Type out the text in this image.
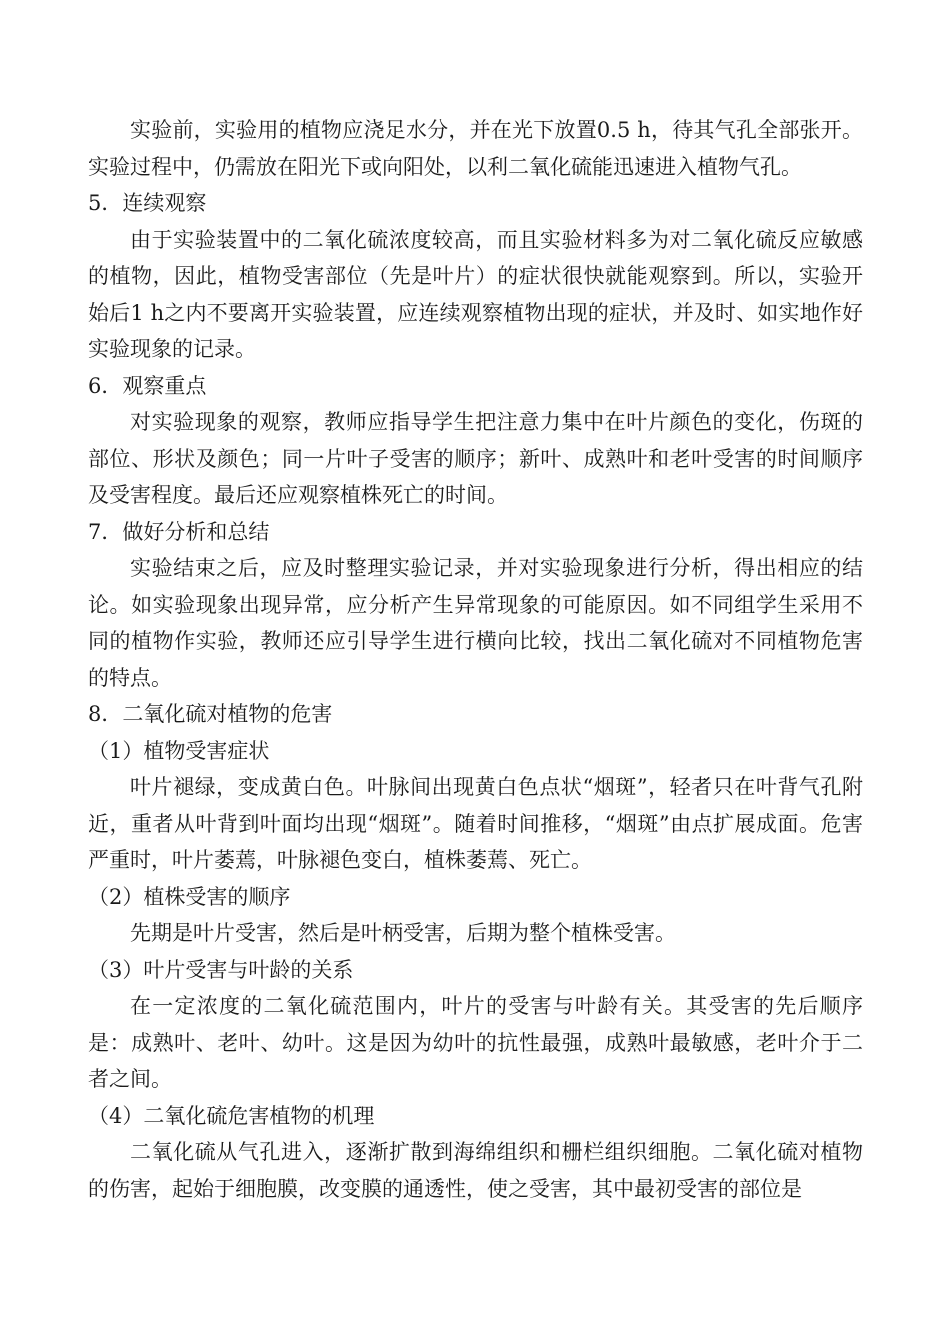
实验前，实验用的植物应浇足水分，并在光下放置0.5 h，待其气孔全部张开。实验过程中，仍需放在阳光下或向阳处，以利二氧化硫能迅速进入植物气孔。

5．连续观察

由于实验装置中的二氧化硫浓度较高，而且实验材料多为对二氧化硫反应敏感的植物，因此，植物受害部位（先是叶片）的症状很快就能观察到。所以，实验开始后1 h之内不要离开实验装置，应连续观察植物出现的症状，并及时、如实地作好实验现象的记录。

6．观察重点

对实验现象的观察，教师应指导学生把注意力集中在叶片颜色的变化，伤斑的部位、形状及颜色；同一片叶子受害的顺序；新叶、成熟叶和老叶受害的时间顺序及受害程度。最后还应观察植株死亡的时间。

7．做好分析和总结

实验结束之后，应及时整理实验记录，并对实验现象进行分析，得出相应的结论。如实验现象出现异常，应分析产生异常现象的可能原因。如不同组学生采用不同的植物作实验，教师还应引导学生进行横向比较，找出二氧化硫对不同植物危害的特点。

8．二氧化硫对植物的危害

（1）植物受害症状

叶片褪绿，变成黄白色。叶脉间出现黄白色点状“烟斑”，轻者只在叶背气孔附近，重者从叶背到叶面均出现“烟斑”。随着时间推移，“烟斑”由点扩展成面。危害严重时，叶片萎蔫，叶脉褪色变白，植株萎蔫、死亡。

（2）植株受害的顺序

先期是叶片受害，然后是叶柄受害，后期为整个植株受害。

（3）叶片受害与叶龄的关系

在一定浓度的二氧化硫范围内，叶片的受害与叶龄有关。其受害的先后顺序是：成熟叶、老叶、幼叶。这是因为幼叶的抗性最强，成熟叶最敏感，老叶介于二者之间。

（4）二氧化硫危害植物的机理

二氧化硫从气孔进入，逐渐扩散到海绵组织和栅栏组织细胞。二氧化硫对植物的伤害，起始于细胞膜，改变膜的通透性，使之受害，其中最初受害的部位是
